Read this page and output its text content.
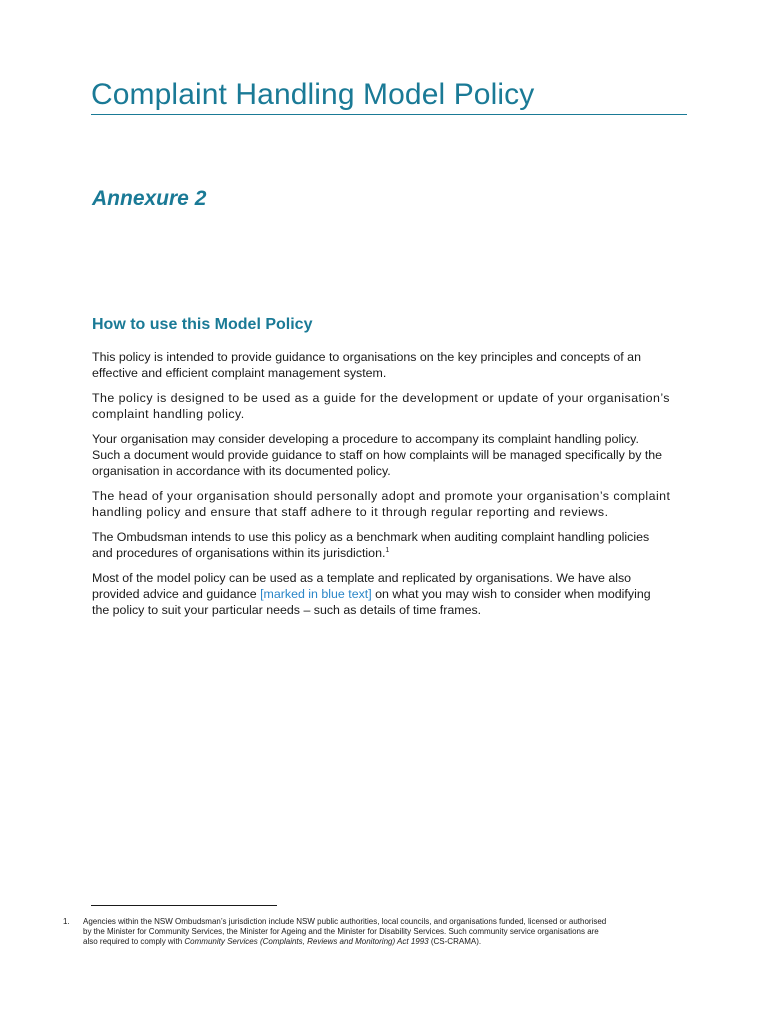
Complaint Handling Model Policy
Annexure 2
How to use this Model Policy

This policy is intended to provide guidance to organisations on the key principles and concepts of an
effective and efficient complaint management system.

The policy is designed to be used as a guide for the development or update of your organisation’s
complaint handling policy.

Your organisation may consider developing a procedure to accompany its complaint handling policy.
Such a document would provide guidance to staff on how complaints will be managed specifically by the
organisation in accordance with its documented policy.

The head of your organisation should personally adopt and promote your organisation’s complaint
handling policy and ensure that staff adhere to it through regular reporting and reviews.

The Ombudsman intends to use this policy as a benchmark when auditing complaint handling policies
and procedures of organisations within its jurisdiction.$^1$

Most of the model policy can be used as a template and replicated by organisations. We have also
provided advice and guidance [marked in blue text] on what you may wish to consider when modifying
the policy to suit your particular needs – such as details of time frames.

1. Agencies within the NSW Ombudsman’s jurisdiction include NSW public authorities, local councils, and organisations funded, licensed or authorised
by the Minister for Community Services, the Minister for Ageing and the Minister for Disability Services. Such community service organisations are
also required to comply with Community Services (Complaints, Reviews and Monitoring) Act 1993 (CS-CRAMA).
